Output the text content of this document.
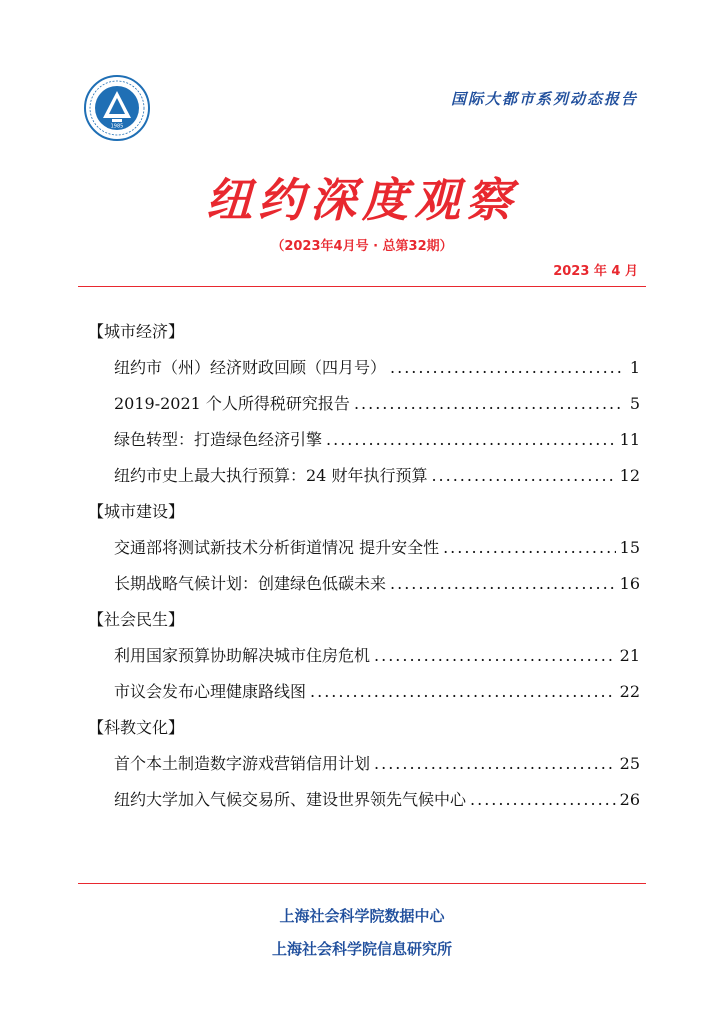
1985
国际大都市系列动态报告
纽约深度观察
（2023年4月号 · 总第32期）
2023 年 4 月
【城市经济】
纽约市（州）经济财政回顾（四月号） .....	1
2019-2021 个人所得税研究报告 .....	5
绿色转型：打造绿色经济引擎 .....	11
纽约市史上最大执行预算：24 财年执行预算 .....	12
【城市建设】
交通部将测试新技术分析街道情况 提升安全性 .....	15
长期战略气候计划：创建绿色低碳未来 .....	16
【社会民生】
利用国家预算协助解决城市住房危机 .....	21
市议会发布心理健康路线图 .....	22
【科教文化】
首个本土制造数字游戏营销信用计划 .....	25
纽约大学加入气候交易所、建设世界领先气候中心 .....	26
上海社会科学院数据中心
上海社会科学院信息研究所
